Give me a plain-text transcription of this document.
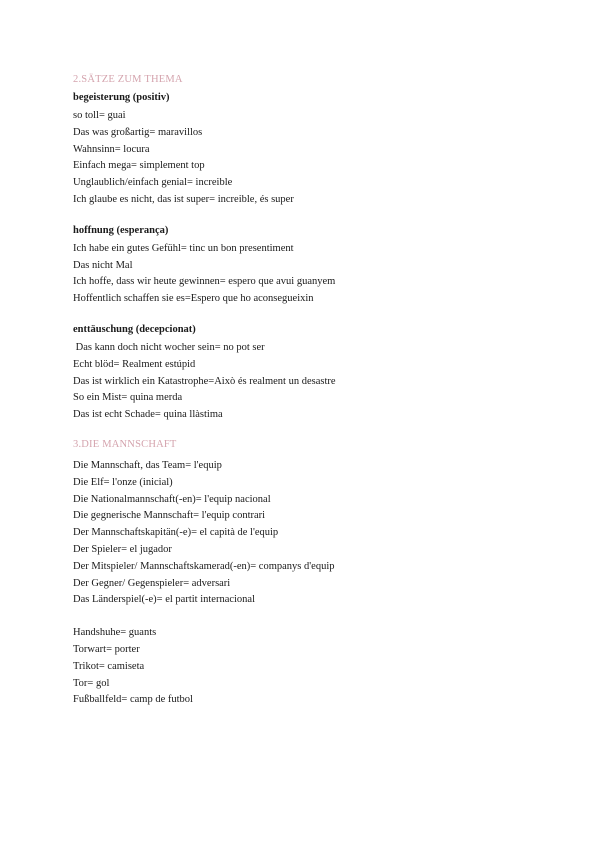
2.SÄTZE ZUM THEMA
begeisterung (positiv)

so toll= guai

Das was großartig= maravillos

Wahnsinn= locura

Einfach mega= simplement top

Unglaublich/einfach genial= increible

Ich glaube es nicht, das ist super= increible, és super

hoffnung (esperança)

Ich habe ein gutes Gefühl= tinc un bon presentiment

Das nicht Mal

Ich hoffe, dass wir heute gewinnen= espero que avui guanyem

Hoffentlich schaffen sie es=Espero que ho aconsegueixin

enttäuschung (decepcionat)

Das kann doch nicht wocher sein= no pot ser

Echt blöd= Realment estúpid

Das ist wirklich ein Katastrophe=Això és realment un desastre

So ein Mist= quina merda

Das ist echt Schade= quina llàstima

3.DIE MANNSCHAFT

Die Mannschaft, das Team= l'equip

Die Elf= l'onze (inicial)

Die Nationalmannschaft(-en)= l'equip nacional

Die gegnerische Mannschaft= l'equip contrari

Der Mannschaftskapitän(-e)= el capità de l'equip

Der Spieler= el jugador

Der Mitspieler/ Mannschaftskamerad(-en)= companys d'equip

Der Gegner/ Gegenspieler= adversari

Das Länderspiel(-e)= el partit internacional

Handshuhe= guants

Torwart= porter

Trikot= camiseta

Tor= gol

Fußballfeld= camp de futbol
